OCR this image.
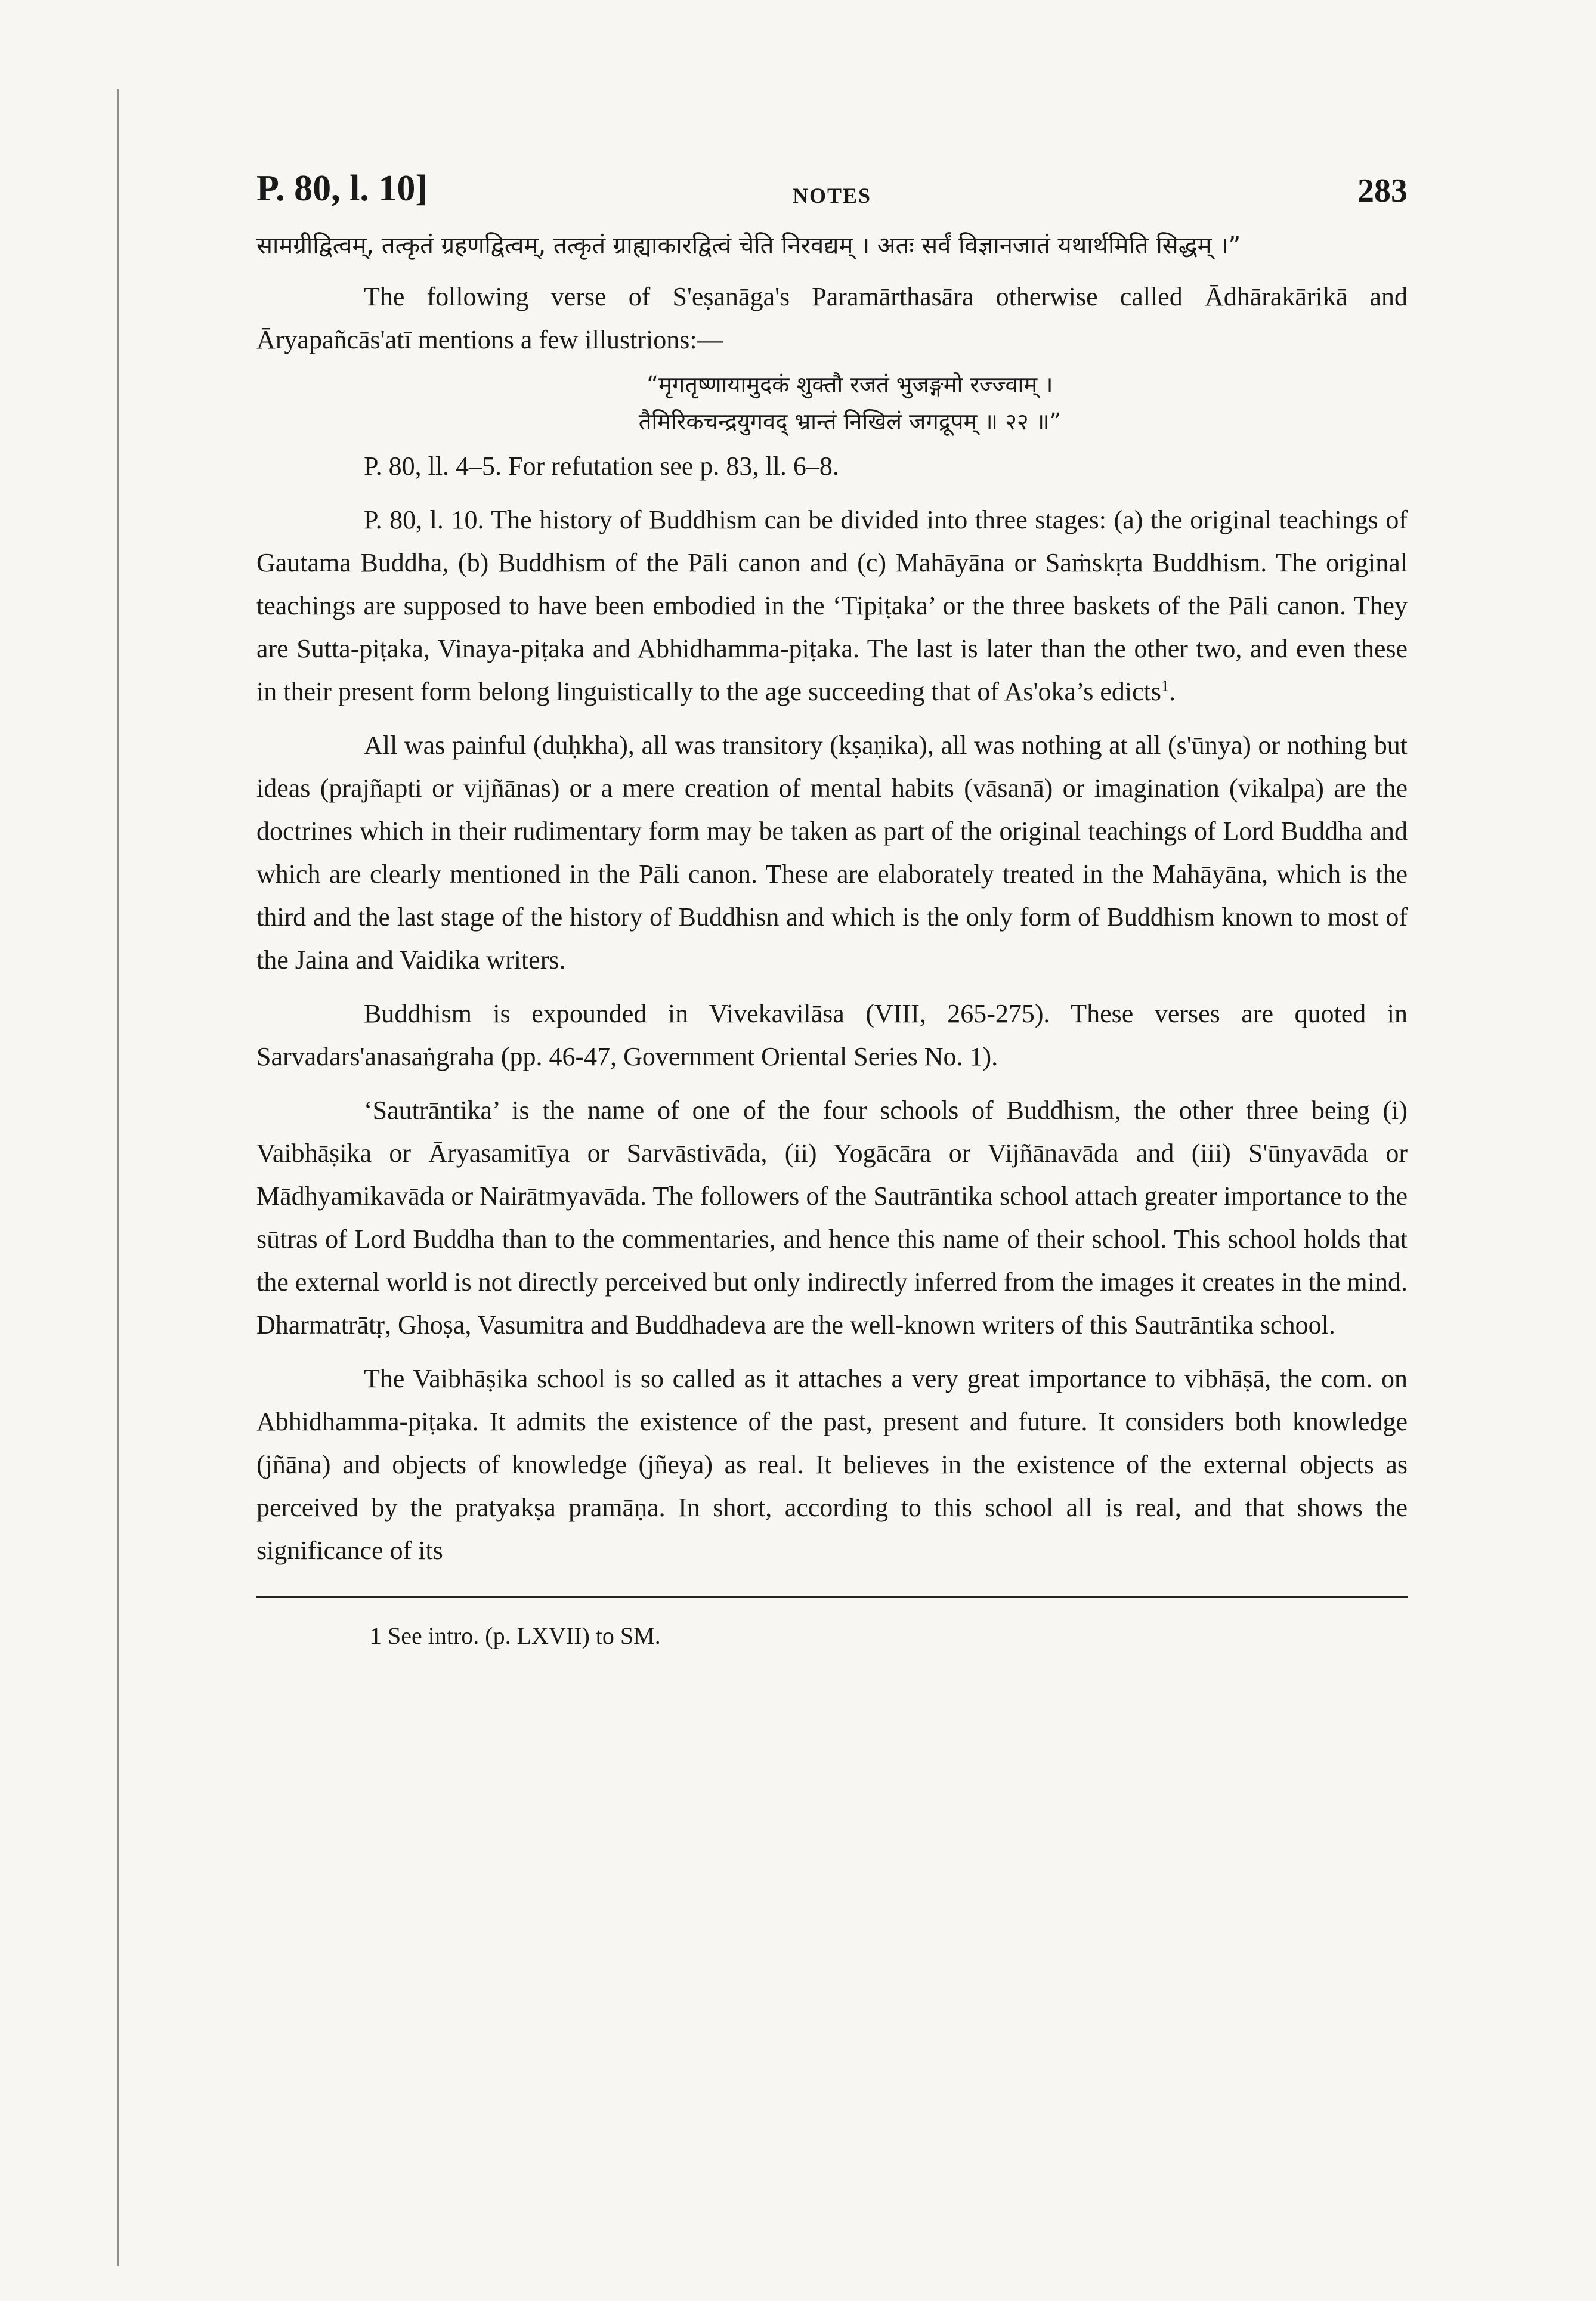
P. 80, l. 10]	NOTES	283
सामग्रीद्वित्वम्, तत्कृतं ग्रहणद्वित्वम्, तत्कृतं ग्राह्याकारद्वित्वं चेति निरवद्यम् । अतः सर्वं विज्ञानजातं यथार्थमिति सिद्धम् ।”

The following verse of S'eṣanāga's Paramārthasāra otherwise called Ādhārakārikā and Āryapañcās'atī mentions a few illustrions:—

“मृगतृष्णायामुदकं शुक्तौ रजतं भुजङ्गमो रज्ज्वाम् ।
तैमिरिकचन्द्रयुगवद् भ्रान्तं निखिलं जगद्रूपम् ॥ २२ ॥”

P. 80, ll. 4–5. For refutation see p. 83, ll. 6–8.

P. 80, l. 10. The history of Buddhism can be divided into three stages: (a) the original teachings of Gautama Buddha, (b) Buddhism of the Pāli canon and (c) Mahāyāna or Saṁskṛta Buddhism. The original teachings are supposed to have been embodied in the ‘Tipiṭaka’ or the three baskets of the Pāli canon. They are Sutta-piṭaka, Vinaya-piṭaka and Abhidhamma-piṭaka. The last is later than the other two, and even these in their present form belong linguistically to the age succeeding that of As'oka’s edicts$^1$.

All was painful (duḥkha), all was transitory (kṣaṇika), all was nothing at all (s'ūnya) or nothing but ideas (prajñapti or vijñānas) or a mere creation of mental habits (vāsanā) or imagination (vikalpa) are the doctrines which in their rudimentary form may be taken as part of the original teachings of Lord Buddha and which are clearly mentioned in the Pāli canon. These are elaborately treated in the Mahāyāna, which is the third and the last stage of the history of Buddhisn and which is the only form of Buddhism known to most of the Jaina and Vaidika writers.

Buddhism is expounded in Vivekavilāsa (VIII, 265-275). These verses are quoted in Sarvadars'anasaṅgraha (pp. 46-47, Government Oriental Series No. 1).

‘Sautrāntika’ is the name of one of the four schools of Buddhism, the other three being (i) Vaibhāṣika or Āryasamitīya or Sarvāstivāda, (ii) Yogācāra or Vijñānavāda and (iii) S'ūnyavāda or Mādhyamikavāda or Nairātmyavāda. The followers of the Sautrāntika school attach greater importance to the sūtras of Lord Buddha than to the commentaries, and hence this name of their school. This school holds that the external world is not directly perceived but only indirectly inferred from the images it creates in the mind. Dharmatrātṛ, Ghoṣa, Vasumitra and Buddhadeva are the well-known writers of this Sautrāntika school.

The Vaibhāṣika school is so called as it attaches a very great importance to vibhāṣā, the com. on Abhidhamma-piṭaka. It admits the existence of the past, present and future. It considers both knowledge (jñāna) and objects of knowledge (jñeya) as real. It believes in the existence of the external objects as perceived by the pratyakṣa pramāṇa. In short, according to this school all is real, and that shows the significance of its

1 See intro. (p. LXVII) to SM.
